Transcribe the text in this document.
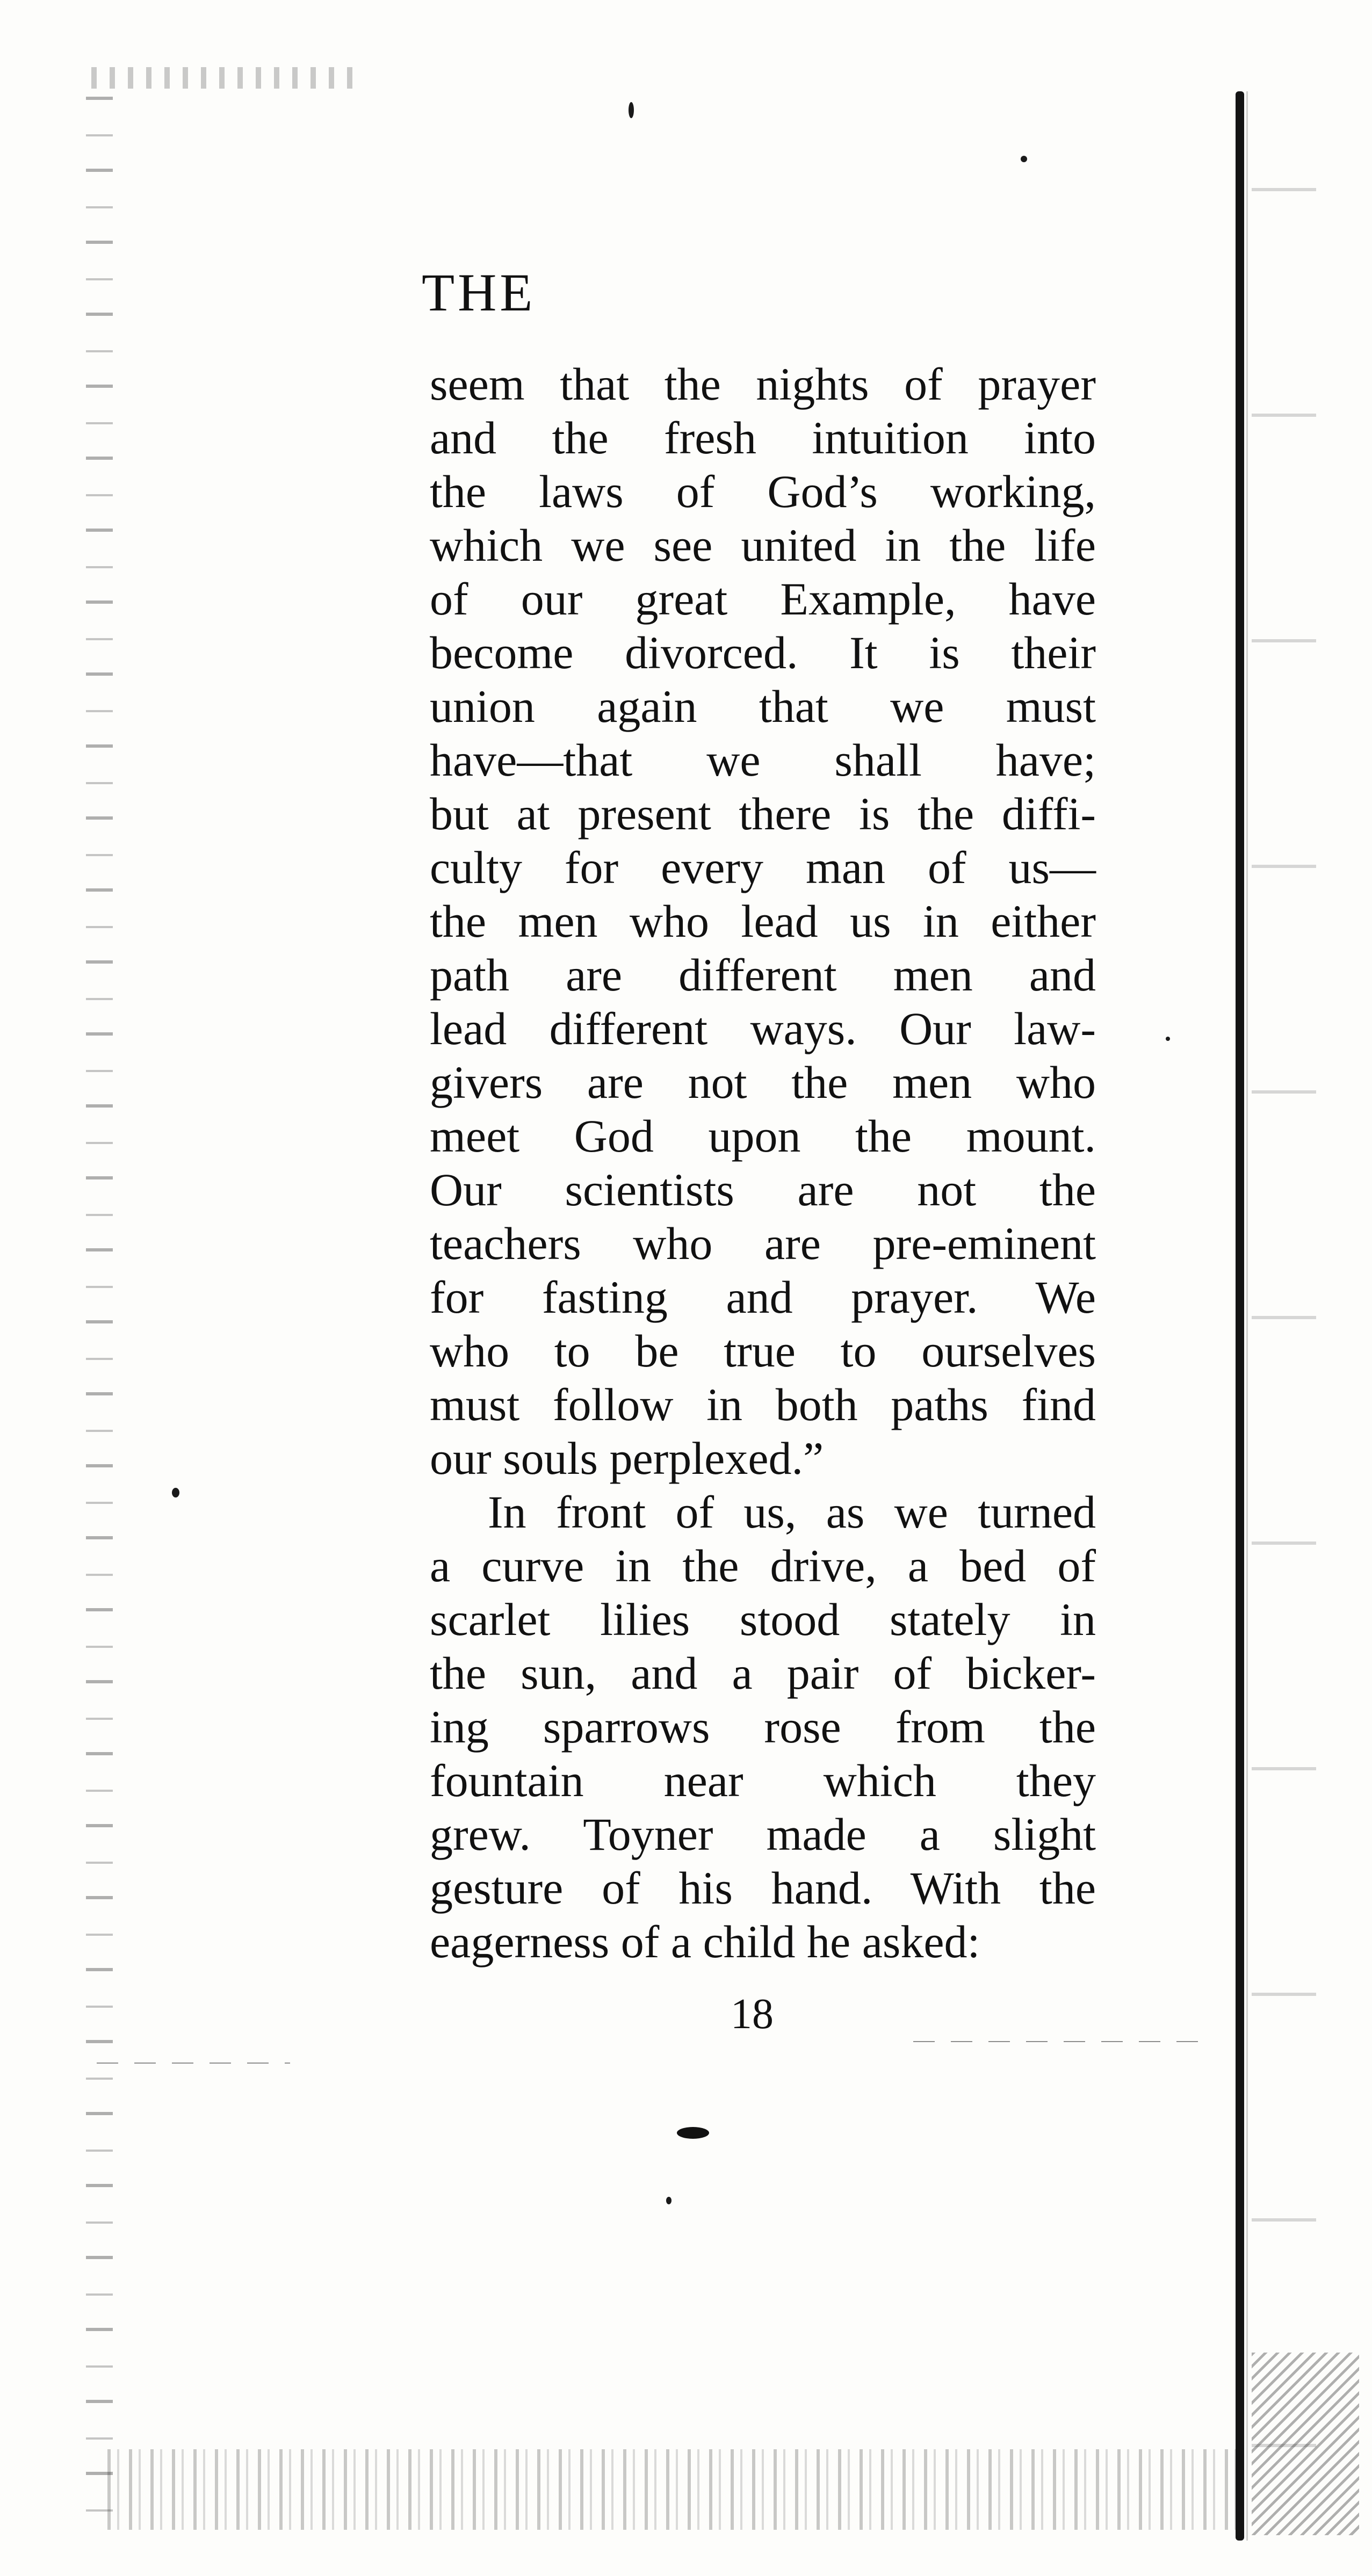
THE
seem that the nights of prayer
and the fresh intuition into
the laws of God’s working,
which we see united in the life
of our great Example, have
become divorced. It is their
union again that we must
have—that we shall have;
but at present there is the diffi-
culty for every man of us—
the men who lead us in either
path are different men and
lead different ways. Our law-
givers are not the men who
meet God upon the mount.
Our scientists are not the
teachers who are pre-eminent
for fasting and prayer. We
who to be true to ourselves
must follow in both paths find
our souls perplexed.”
In front of us, as we turned
a curve in the drive, a bed of
scarlet lilies stood stately in
the sun, and a pair of bicker-
ing sparrows rose from the
fountain near which they
grew. Toyner made a slight
gesture of his hand. With the
eagerness of a child he asked:
18
